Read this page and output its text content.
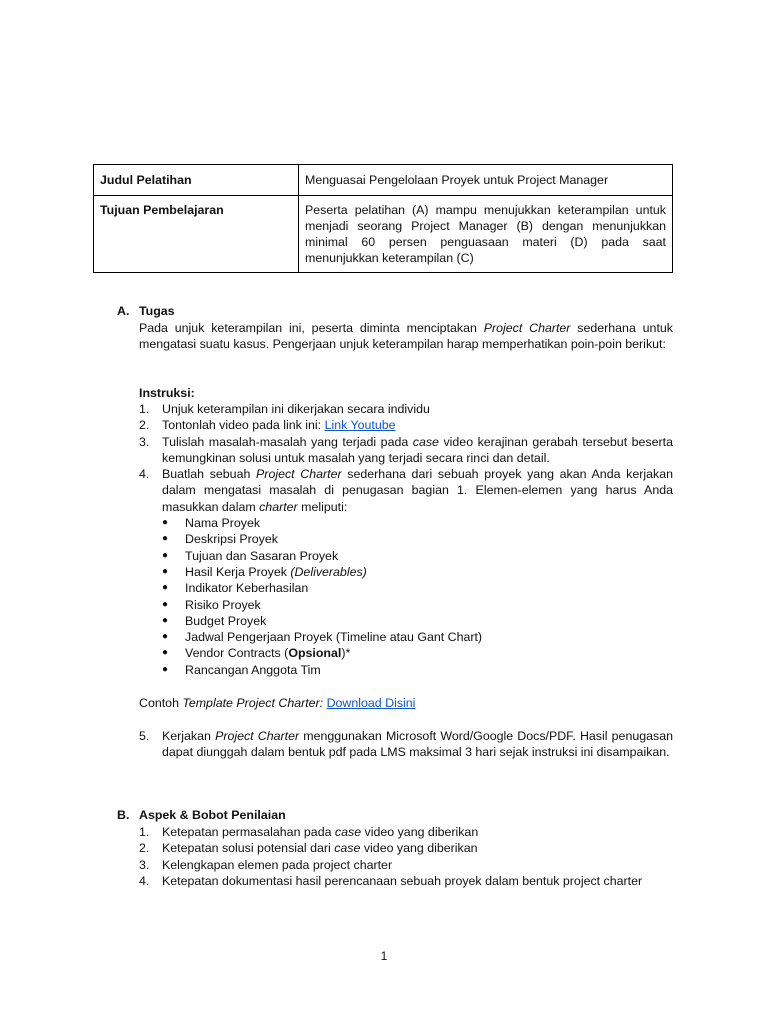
Judul Pelatihan	Menguasai Pengelolaan Proyek untuk Project Manager
Tujuan Pembelajaran	Peserta pelatihan (A) mampu menujukkan keterampilan untuk menjadi seorang Project Manager (B) dengan menunjukkan minimal 60 persen penguasaan materi (D) pada saat menunjukkan keterampilan (C)
A. Tugas
Pada unjuk keterampilan ini, peserta diminta menciptakan Project Charter sederhana untuk mengatasi suatu kasus. Pengerjaan unjuk keterampilan harap memperhatikan poin-poin berikut:
Instruksi:
1. Unjuk keterampilan ini dikerjakan secara individu
2. Tontonlah video pada link ini: Link Youtube
3. Tulislah masalah-masalah yang terjadi pada case video kerajinan gerabah tersebut beserta kemungkinan solusi untuk masalah yang terjadi secara rinci dan detail.
4. Buatlah sebuah Project Charter sederhana dari sebuah proyek yang akan Anda kerjakan dalam mengatasi masalah di penugasan bagian 1. Elemen-elemen yang harus Anda masukkan dalam charter meliputi:
● Nama Proyek
● Deskripsi Proyek
● Tujuan dan Sasaran Proyek
● Hasil Kerja Proyek (Deliverables)
● Indikator Keberhasilan
● Risiko Proyek
● Budget Proyek
● Jadwal Pengerjaan Proyek (Timeline atau Gant Chart)
● Vendor Contracts (Opsional)*
● Rancangan Anggota Tim
Contoh Template Project Charter: Download Disini
5. Kerjakan Project Charter menggunakan Microsoft Word/Google Docs/PDF. Hasil penugasan dapat diunggah dalam bentuk pdf pada LMS maksimal 3 hari sejak instruksi ini disampaikan.
B. Aspek & Bobot Penilaian
1. Ketepatan permasalahan pada case video yang diberikan
2. Ketepatan solusi potensial dari case video yang diberikan
3. Kelengkapan elemen pada project charter
4. Ketepatan dokumentasi hasil perencanaan sebuah proyek dalam bentuk project charter
1
